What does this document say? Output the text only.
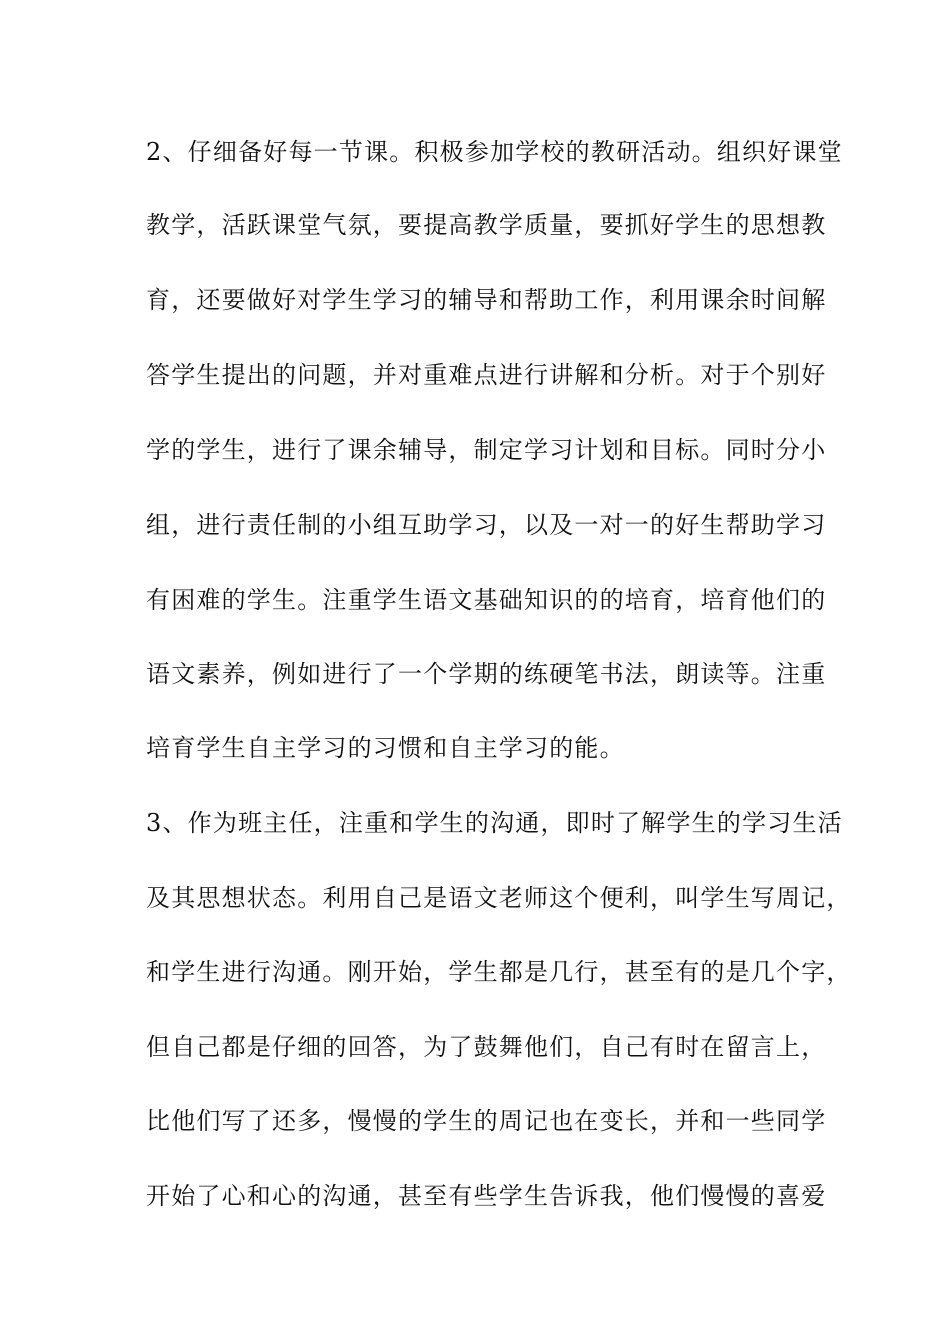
2、仔细备好每一节课。积极参加学校的教研活动。组织好课堂
教学，活跃课堂气氛，要提高教学质量，要抓好学生的思想教
育，还要做好对学生学习的辅导和帮助工作，利用课余时间解
答学生提出的问题，并对重难点进行讲解和分析。对于个别好
学的学生，进行了课余辅导，制定学习计划和目标。同时分小
组，进行责任制的小组互助学习，以及一对一的好生帮助学习
有困难的学生。注重学生语文基础知识的的培育，培育他们的
语文素养，例如进行了一个学期的练硬笔书法，朗读等。注重
培育学生自主学习的习惯和自主学习的能。
3、作为班主任，注重和学生的沟通，即时了解学生的学习生活
及其思想状态。利用自己是语文老师这个便利，叫学生写周记，
和学生进行沟通。刚开始，学生都是几行，甚至有的是几个字，
但自己都是仔细的回答，为了鼓舞他们，自己有时在留言上，
比他们写了还多，慢慢的学生的周记也在变长，并和一些同学
开始了心和心的沟通，甚至有些学生告诉我，他们慢慢的喜爱
